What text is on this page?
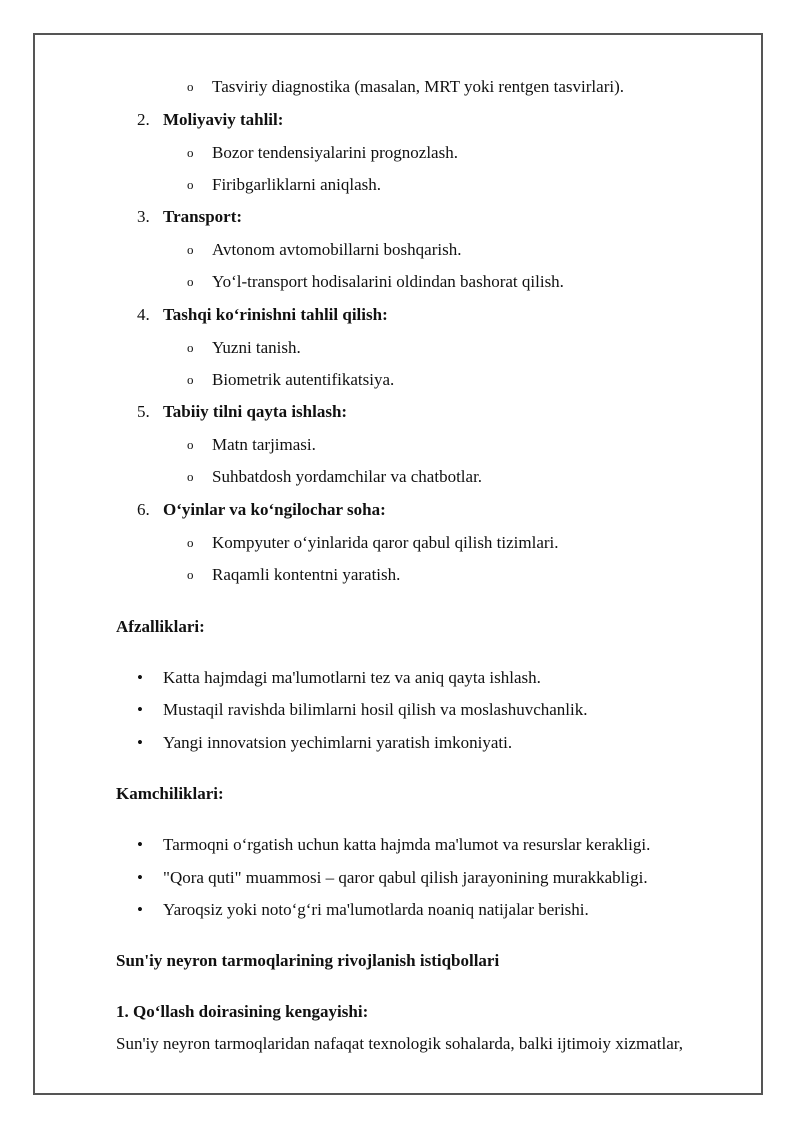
o Tasviriy diagnostika (masalan, MRT yoki rentgen tasvirlari).
2. Moliyaviy tahlil:
o Bozor tendensiyalarini prognozlash.
o Firibgarliklarni aniqlash.
3. Transport:
o Avtonom avtomobillarni boshqarish.
o Yo‘l-transport hodisalarini oldindan bashorat qilish.
4. Tashqi ko‘rinishni tahlil qilish:
o Yuzni tanish.
o Biometrik autentifikatsiya.
5. Tabiiy tilni qayta ishlash:
o Matn tarjimasi.
o Suhbatdosh yordamchilar va chatbotlar.
6. O‘yinlar va ko‘ngilochar soha:
o Kompyuter o‘yinlarida qaror qabul qilish tizimlari.
o Raqamli kontentni yaratish.
Afzalliklari:
• Katta hajmdagi ma'lumotlarni tez va aniq qayta ishlash.
• Mustaqil ravishda bilimlarni hosil qilish va moslashuvchanlik.
• Yangi innovatsion yechimlarni yaratish imkoniyati.
Kamchiliklari:
• Tarmoqni o‘rgatish uchun katta hajmda ma'lumot va resurslar kerakligi.
• "Qora quti" muammosi – qaror qabul qilish jarayonining murakkabligi.
• Yaroqsiz yoki noto‘g‘ri ma'lumotlarda noaniq natijalar berishi.
Sun'iy neyron tarmoqlarining rivojlanish istiqbollari
1. Qo‘llash doirasining kengayishi:
Sun'iy neyron tarmoqlaridan nafaqat texnologik sohalarda, balki ijtimoiy xizmatlar,
